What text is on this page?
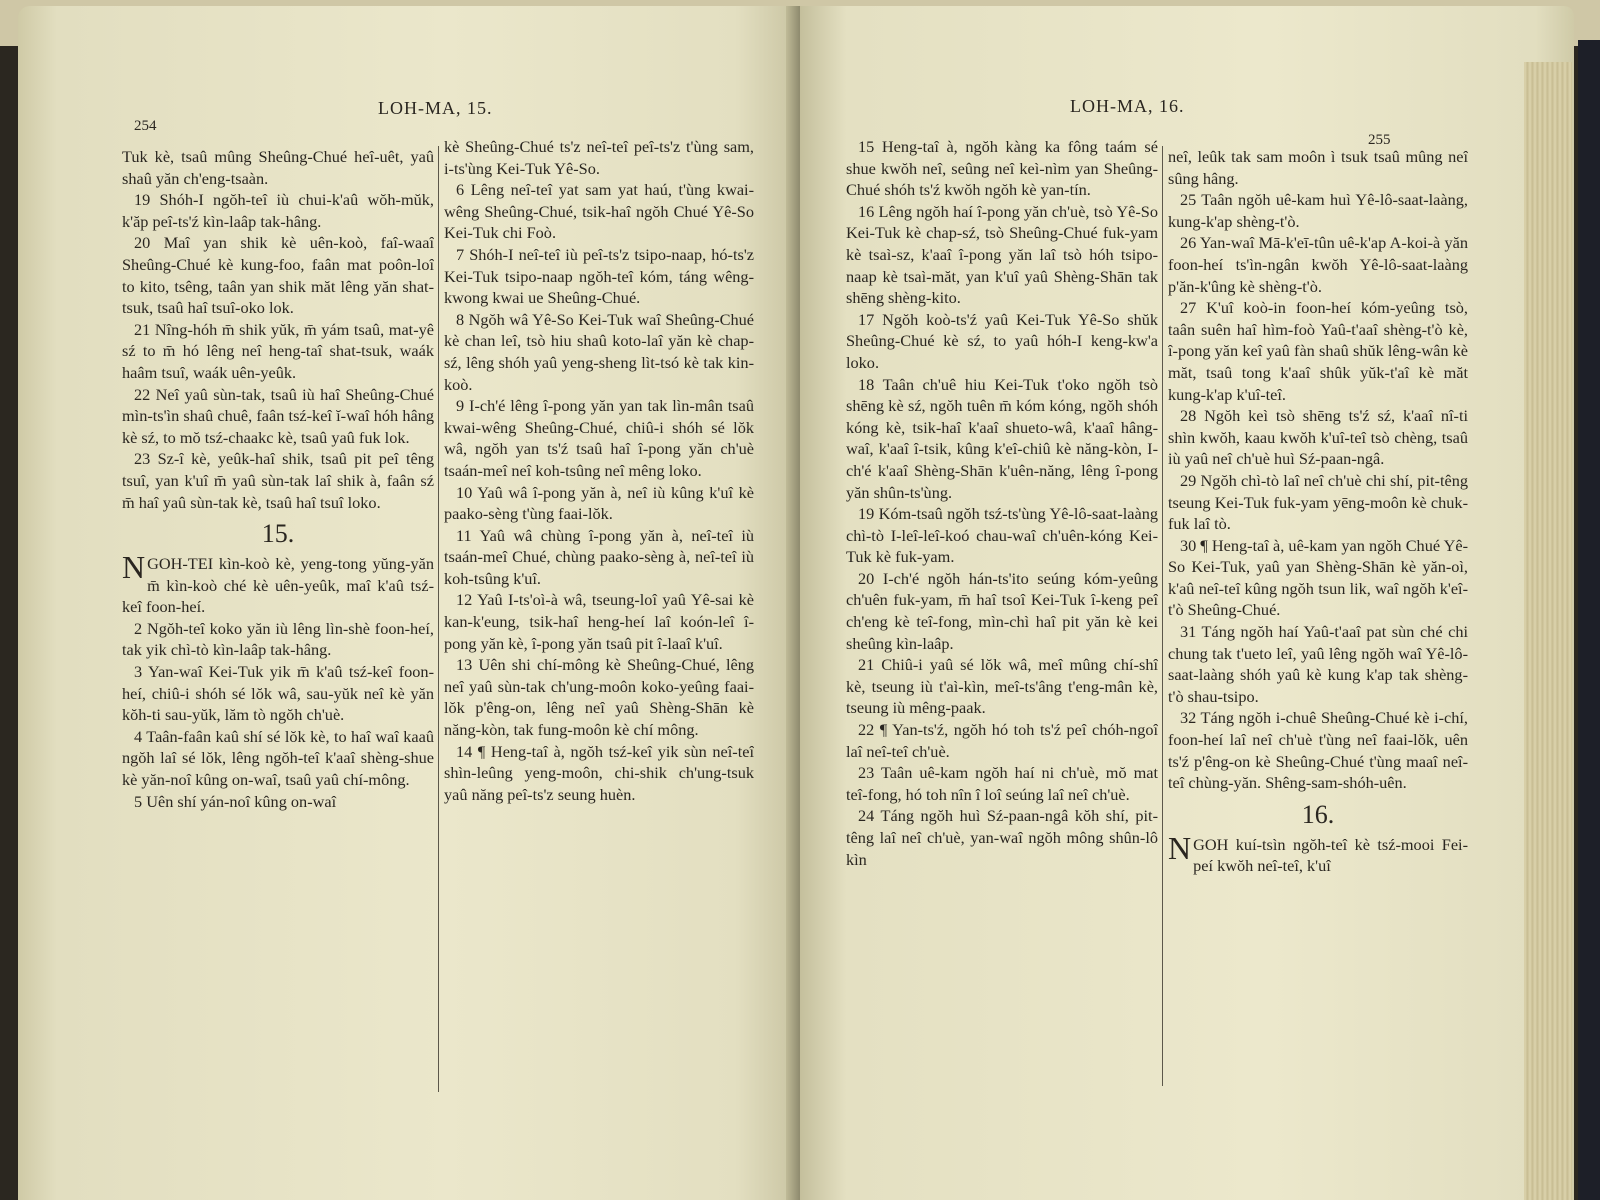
254
LOH-MA, 15.

Tuk kè, tsaû mûng Sheûng-Chué heî-uêt, yaû shaû yăn ch'eng-tsaàn.

19 Shóh-I ngŏh-teî iù chui-k'aû wŏh-mŭk, k'ăp peî-ts'ź kìn-laâp tak-hâng.

20 Maî yan shik kè uên-koò, faî-waaî Sheûng-Chué kè kung-foo, faân mat poôn-loî to kito, tsêng, taân yan shik măt lêng yăn shat-tsuk, tsaû haî tsuî-oko lok.

21 Nîng-hóh m̄ shik yŭk, m̄ yám tsaû, mat-yê sź to m̄ hó lêng neî heng-taî shat-tsuk, waák haâm tsuî, waák uên-yeûk.

22 Neî yaû sùn-tak, tsaû iù haî Sheûng-Chué mìn-ts'ìn shaû chuê, faân tsź-keî ĭ-waî hóh hâng kè sź, to mŏ tsź-chaakc kè, tsaû yaû fuk lok.

23 Sz-î kè, yeûk-haî shik, tsaû pit peî têng tsuî, yan k'uî m̄ yaû sùn-tak laî shik à, faân sź m̄ haî yaû sùn-tak kè, tsaû haî tsuî loko.

15.

NGOH-TEI kìn-koò kè, yeng-tong yŭng-yăn m̄ kìn-koò ché kè uên-yeûk, maî k'aû tsź-keî foon-heí.

2 Ngŏh-teî koko yăn iù lêng lìn-shè foon-heí, tak yik chì-tò kìn-laâp tak-hâng.

3 Yan-waî Kei-Tuk yik m̄ k'aû tsź-keî foon-heí, chiû-i shóh sé lŏk wâ, sau-yŭk neî kè yăn kŏh-ti sau-yŭk, lăm tò ngŏh ch'uè.

4 Taân-faân kaû shí sé lŏk kè, to haî waî kaaû ngŏh laî sé lŏk, lêng ngŏh-teî k'aaî shèng-shue kè yăn-noî kûng on-waî, tsaû yaû chí-mông.

5 Uên shí yán-noî kûng on-waî

kè Sheûng-Chué ts'z neî-teî peî-ts'z t'ùng sam, i-ts'ùng Kei-Tuk Yê-So.

6 Lêng neî-teî yat sam yat haú, t'ùng kwai-wêng Sheûng-Chué, tsik-haî ngŏh Chué Yê-So Kei-Tuk chi Foò.

7 Shóh-I neî-teî iù peî-ts'z tsipo-naap, hó-ts'z Kei-Tuk tsipo-naap ngŏh-teî kóm, táng wêng-kwong kwai ue Sheûng-Chué.

8 Ngŏh wâ Yê-So Kei-Tuk waî Sheûng-Chué kè chan leî, tsò hiu shaû koto-laî yăn kè chap-sź, lêng shóh yaû yeng-sheng lìt-tsó kè tak kin-koò.

9 I-ch'é lêng î-pong yăn yan tak lìn-mân tsaû kwai-wêng Sheûng-Chué, chiû-i shóh sé lŏk wâ, ngŏh yan ts'ź tsaû haî î-pong yăn ch'uè tsaán-meî neî koh-tsûng neî mêng loko.

10 Yaû wâ î-pong yăn à, neî iù kûng k'uî kè paako-sèng t'ùng faai-lŏk.

11 Yaû wâ chùng î-pong yăn à, neî-teî iù tsaán-meî Chué, chùng paako-sèng à, neî-teî iù koh-tsûng k'uî.

12 Yaû I-ts'oì-à wâ, tseung-loî yaû Yê-sai kè kan-k'eung, tsik-haî heng-heí laî koón-leî î-pong yăn kè, î-pong yăn tsaû pit î-laaî k'uî.

13 Uên shi chí-mông kè Sheûng-Chué, lêng neî yaû sùn-tak ch'ung-moôn koko-yeûng faai-lŏk p'êng-on, lêng neî yaû Shèng-Shān kè năng-kòn, tak fung-moôn kè chí mông.

14 ¶ Heng-taî à, ngŏh tsź-keî yik sùn neî-teî shìn-leûng yeng-moôn, chi-shik ch'ung-tsuk yaû năng peî-ts'z seung huèn.

LOH-MA, 16.
255

15 Heng-taî à, ngŏh kàng ka fông taám sé shue kwŏh neî, seûng neî keì-nìm yan Sheûng-Chué shóh ts'ź kwŏh ngŏh kè yan-tín.

16 Lêng ngŏh haí î-pong yăn ch'uè, tsò Yê-So Kei-Tuk kè chap-sź, tsò Sheûng-Chué fuk-yam kè tsaì-sz, k'aaî î-pong yăn laî tsò hóh tsipo-naap kè tsaì-măt, yan k'uî yaû Shèng-Shān tak shēng shèng-kito.

17 Ngŏh koò-ts'ź yaû Kei-Tuk Yê-So shŭk Sheûng-Chué kè sź, to yaû hóh-I keng-kw'a loko.

18 Taân ch'uê hiu Kei-Tuk t'oko ngŏh tsò shēng kè sź, ngŏh tuên m̄ kóm kóng, ngŏh shóh kóng kè, tsik-haî k'aaî shueto-wâ, k'aaî hâng-waî, k'aaî î-tsik, kûng k'eî-chiû kè năng-kòn, I-ch'é k'aaî Shèng-Shān k'uên-năng, lêng î-pong yăn shûn-ts'ùng.

19 Kóm-tsaû ngŏh tsź-ts'ùng Yê-lô-saat-laàng chì-tò I-leî-leî-koó chau-waî ch'uên-kóng Kei-Tuk kè fuk-yam.

20 I-ch'é ngŏh hán-ts'ito seúng kóm-yeûng ch'uên fuk-yam, m̄ haî tsoî Kei-Tuk î-keng peî ch'eng kè teî-fong, mìn-chì haî pit yăn kè kei sheûng kìn-laâp.

21 Chiû-i yaû sé lŏk wâ, meî mûng chí-shî kè, tseung iù t'aì-kìn, meî-ts'âng t'eng-mân kè, tseung iù mêng-paak.

22 ¶ Yan-ts'ź, ngŏh hó toh ts'ź peî chóh-ngoî laî neî-teî ch'uè.

23 Taân uê-kam ngŏh haí ni ch'uè, mŏ mat teî-fong, hó toh nîn î loî seúng laî neî ch'uè.

24 Táng ngŏh huì Sź-paan-ngâ kŏh shí, pit-têng laî neî ch'uè, yan-waî ngŏh mông shûn-lô kìn

neî, leûk tak sam moôn ì tsuk tsaû mûng neî sûng hâng.

25 Taân ngŏh uê-kam huì Yê-lô-saat-laàng, kung-k'ap shèng-t'ò.

26 Yan-waî Mā-k'eī-tûn uê-k'ap A-koi-à yăn foon-heí ts'ìn-ngân kwŏh Yê-lô-saat-laàng p'ăn-k'ûng kè shèng-t'ò.

27 K'uî koò-in foon-heí kóm-yeûng tsò, taân suên haî hìm-foò Yaû-t'aaî shèng-t'ò kè, î-pong yăn keî yaû fàn shaû shŭk lêng-wân kè măt, tsaû tong k'aaî shûk yŭk-t'aî kè măt kung-k'ap k'uî-teî.

28 Ngŏh keì tsò shēng ts'ź sź, k'aaî nî-ti shìn kwŏh, kaau kwŏh k'uî-teî tsò chèng, tsaû iù yaû neî ch'uè huì Sź-paan-ngâ.

29 Ngŏh chì-tò laî neî ch'uè chi shí, pit-têng tseung Kei-Tuk fuk-yam yēng-moôn kè chuk-fuk laî tò.

30 ¶ Heng-taî à, uê-kam yan ngŏh Chué Yê-So Kei-Tuk, yaû yan Shèng-Shān kè yăn-oì, k'aû neî-teî kûng ngŏh tsun lik, waî ngŏh k'eî-t'ò Sheûng-Chué.

31 Táng ngŏh haí Yaû-t'aaî pat sùn ché chi chung tak t'ueto leî, yaû lêng ngŏh waî Yê-lô-saat-laàng shóh yaû kè kung k'ap tak shèng-t'ò shau-tsipo.

32 Táng ngŏh i-chuê Sheûng-Chué kè i-chí, foon-heí laî neî ch'uè t'ùng neî faai-lŏk, uên ts'ź p'êng-on kè Sheûng-Chué t'ùng maaî neî-teî chùng-yăn. Shêng-sam-shóh-uên.

16.

NGOH kuí-tsìn ngŏh-teî kè tsź-mooi Fei-peí kwŏh neî-teî, k'uî
